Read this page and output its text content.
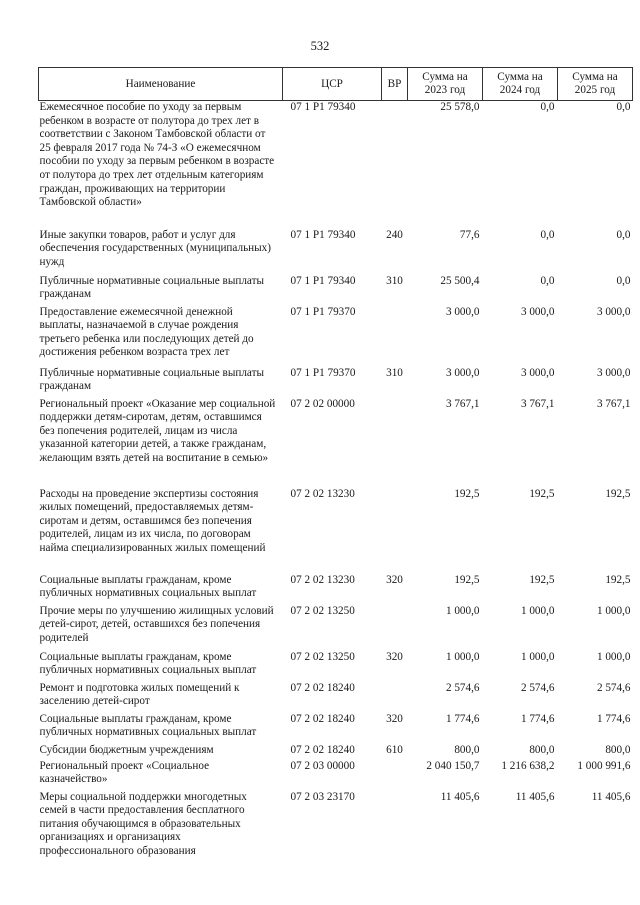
532
Наименование	ЦСР	ВР	Сумма на 2023 год	Сумма на 2024 год	Сумма на 2025 год
Ежемесячное пособие по уходу за первым ребенком в возрасте от полутора до трех лет в соответствии с Законом Тамбовской области от 25 февраля 2017 года № 74-З «О ежемесячном пособии по уходу за первым ребенком в возрасте от полутора до трех лет отдельным категориям граждан, проживающих на территории Тамбовской области»	07 1 Р1 79340		25 578,0	0,0	0,0
Иные закупки товаров, работ и услуг для обеспечения государственных (муниципальных) нужд	07 1 Р1 79340	240	77,6	0,0	0,0
Публичные нормативные социальные выплаты гражданам	07 1 Р1 79340	310	25 500,4	0,0	0,0
Предоставление ежемесячной денежной выплаты, назначаемой в случае рождения третьего ребенка или последующих детей до достижения ребенком возраста трех лет	07 1 Р1 79370		3 000,0	3 000,0	3 000,0
Публичные нормативные социальные выплаты гражданам	07 1 Р1 79370	310	3 000,0	3 000,0	3 000,0
Региональный проект «Оказание мер социальной поддержки детям-сиротам, детям, оставшимся без попечения родителей, лицам из числа указанной категории детей, а также гражданам, желающим взять детей на воспитание в семью»	07 2 02 00000		3 767,1	3 767,1	3 767,1
Расходы на проведение экспертизы состояния жилых помещений, предоставляемых детям-сиротам и детям, оставшимся без попечения родителей, лицам из их числа, по договорам найма специализированных жилых помещений	07 2 02 13230		192,5	192,5	192,5
Социальные выплаты гражданам, кроме публичных нормативных социальных выплат	07 2 02 13230	320	192,5	192,5	192,5
Прочие меры по улучшению жилищных условий детей-сирот, детей, оставшихся без попечения родителей	07 2 02 13250		1 000,0	1 000,0	1 000,0
Социальные выплаты гражданам, кроме публичных нормативных социальных выплат	07 2 02 13250	320	1 000,0	1 000,0	1 000,0
Ремонт и подготовка жилых помещений к заселению детей-сирот	07 2 02 18240		2 574,6	2 574,6	2 574,6
Социальные выплаты гражданам, кроме публичных нормативных социальных выплат	07 2 02 18240	320	1 774,6	1 774,6	1 774,6
Субсидии бюджетным учреждениям	07 2 02 18240	610	800,0	800,0	800,0
Региональный проект «Социальное казначейство»	07 2 03 00000		2 040 150,7	1 216 638,2	1 000 991,6
Меры социальной поддержки многодетных семей в части предоставления бесплатного питания обучающимся в образовательных организациях и организациях профессионального образования	07 2 03 23170		11 405,6	11 405,6	11 405,6
